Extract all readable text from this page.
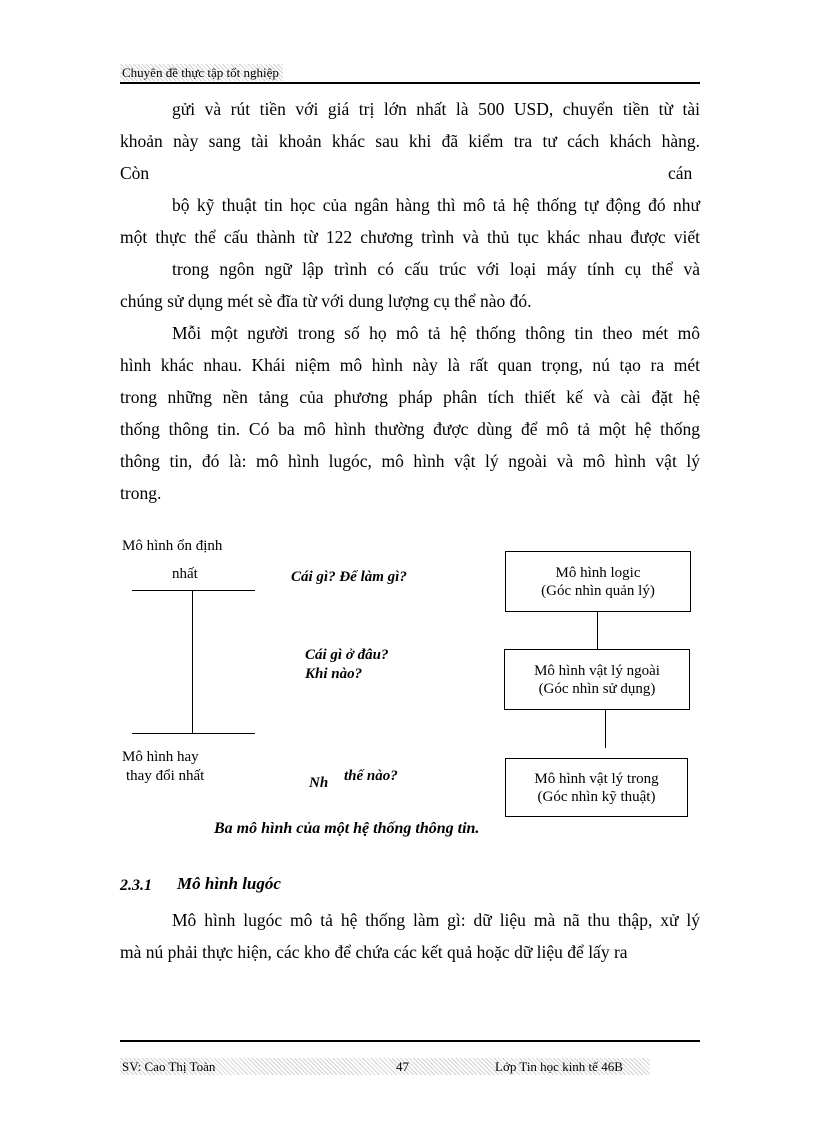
Chuyên đề thực tập tốt nghiệp
gửi và rút tiền với giá trị lớn nhất là 500 USD, chuyển tiền từ tài
khoản này sang tài khoản khác sau khi đã kiểm tra tư cách khách hàng.
Còn	cán
bộ kỹ thuật tin học của ngân hàng thì mô tả hệ thống tự động đó như
một thực thể cấu thành từ 122 chương trình và thủ tục khác nhau được viết
trong ngôn ngữ lập trình có cấu trúc với loại máy tính cụ thể và
chúng sử dụng mét sè đĩa từ với dung lượng cụ thể nào đó.
Mỗi một người trong số họ mô tả hệ thống thông tin theo mét mô
hình khác nhau. Khái niệm mô hình này là rất quan trọng, nú tạo ra mét
trong những nền tảng của phương pháp phân tích thiết kế và cài đặt hệ
thống thông tin. Có ba mô hình thường được dùng để mô tả một hệ thống
thông tin, đó là: mô hình lugóc, mô hình vật lý ngoài và mô hình vật lý
trong.
Mô hình ổn định
nhất
Mô hình hay
thay đổi nhất
Cái gì? Để làm gì?
Cái gì ở đâu?
Khi nào?
Nh thế nào?
Mô hình logic
(Góc nhìn quản lý)
Mô hình vật lý ngoài
(Góc nhìn sử dụng)
Mô hình vật lý trong
(Góc nhìn kỹ thuật)
Ba mô hình của một hệ thống thông tin.
2.3.1 Mô hình lugóc
Mô hình lugóc mô tả hệ thống làm gì: dữ liệu mà nã thu thập, xử lý
mà nú phải thực hiện, các kho để chứa các kết quả hoặc dữ liệu để lấy ra
SV: Cao Thị Toàn	47	Lớp Tin học kinh tế 46B
